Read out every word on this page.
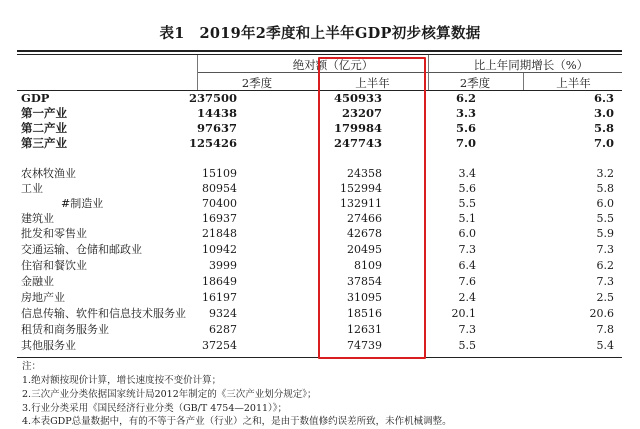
表1　2019年2季度和上半年GDP初步核算数据
绝对额（亿元）	比上年同期增长（%）
2季度	上半年	2季度	上半年
GDP	237500	450933	6.2	6.3
第一产业	14438	23207	3.3	3.0
第二产业	97637	179984	5.6	5.8
第三产业	125426	247743	7.0	7.0
农林牧渔业	15109	24358	3.4	3.2
工业	80954	152994	5.6	5.8
#制造业	70400	132911	5.5	6.0
建筑业	16937	27466	5.1	5.5
批发和零售业	21848	42678	6.0	5.9
交通运输、仓储和邮政业	10942	20495	7.3	7.3
住宿和餐饮业	3999	8109	6.4	6.2
金融业	18649	37854	7.6	7.3
房地产业	16197	31095	2.4	2.5
信息传输、软件和信息技术服务业 9324	18516	20.1	20.6
租赁和商务服务业	6287	12631	7.3	7.8
其他服务业	37254	74739	5.5	5.4
注：
1.绝对额按现价计算，增长速度按不变价计算；
2.三次产业分类依据国家统计局2012年制定的《三次产业划分规定》；
3.行业分类采用《国民经济行业分类（GB/T 4754—2011）》；
4.本表GDP总量数据中，有的不等于各产业（行业）之和，是由于数值修约误差所致，未作机械调整。
